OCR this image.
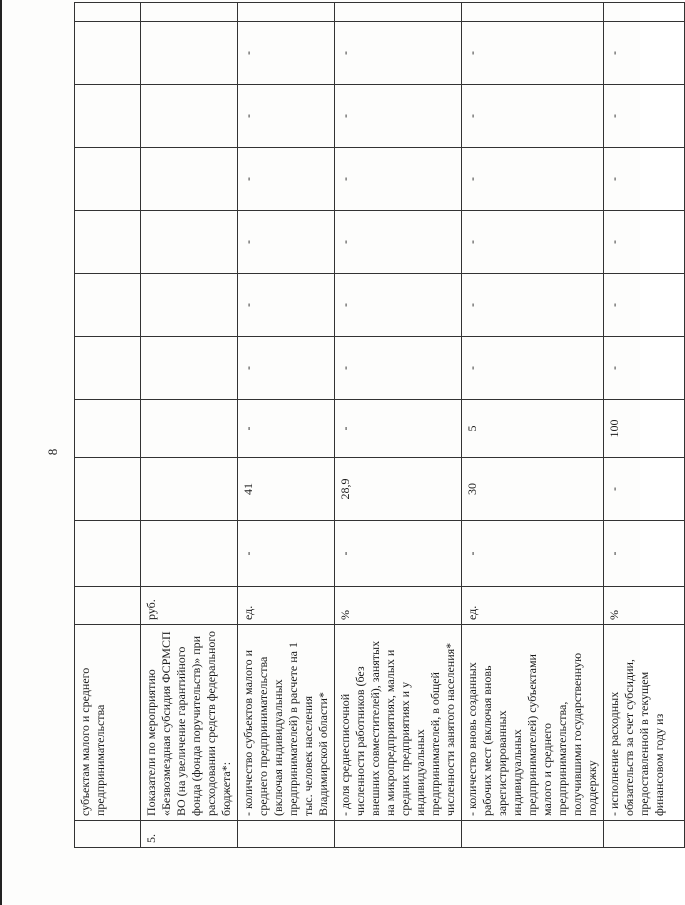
8
	субъектам малого и среднего предпринимательства												
5.	Показатели по мероприятию «Безвозмездная субсидия ФСРМСП ВО (на увеличение гарантийного фонда (фонда поручительств)» при расходовании средств федерального бюджета*:	руб.											
	- количество субъектов малого и среднего предпринимательства (включая индивидуальных предпринимателей) в расчете на 1 тыс. человек населения Владимирской области*	ед.	-	41	-	-	-	-	-	-	-		
	- доля среднесписочной численности работников (без внешних совместителей), занятых на микропредприятиях, малых и средних предприятиях и у индивидуальных предпринимателей, в общей численности занятого населения*	%	-	28,9	-	-	-	-	-	-	-		
	- количество вновь созданных рабочих мест (включая вновь зарегистрированных индивидуальных предпринимателей) субъектами малого и среднего предпринимательства, получившими государственную поддержку	ед.	-	30	5	-	-	-	-	-	-		
	- исполнение расходных обязательств за счет субсидии, предоставленной в текущем финансовом году из	%	-	-	100	-	-	-	-	-	-		
